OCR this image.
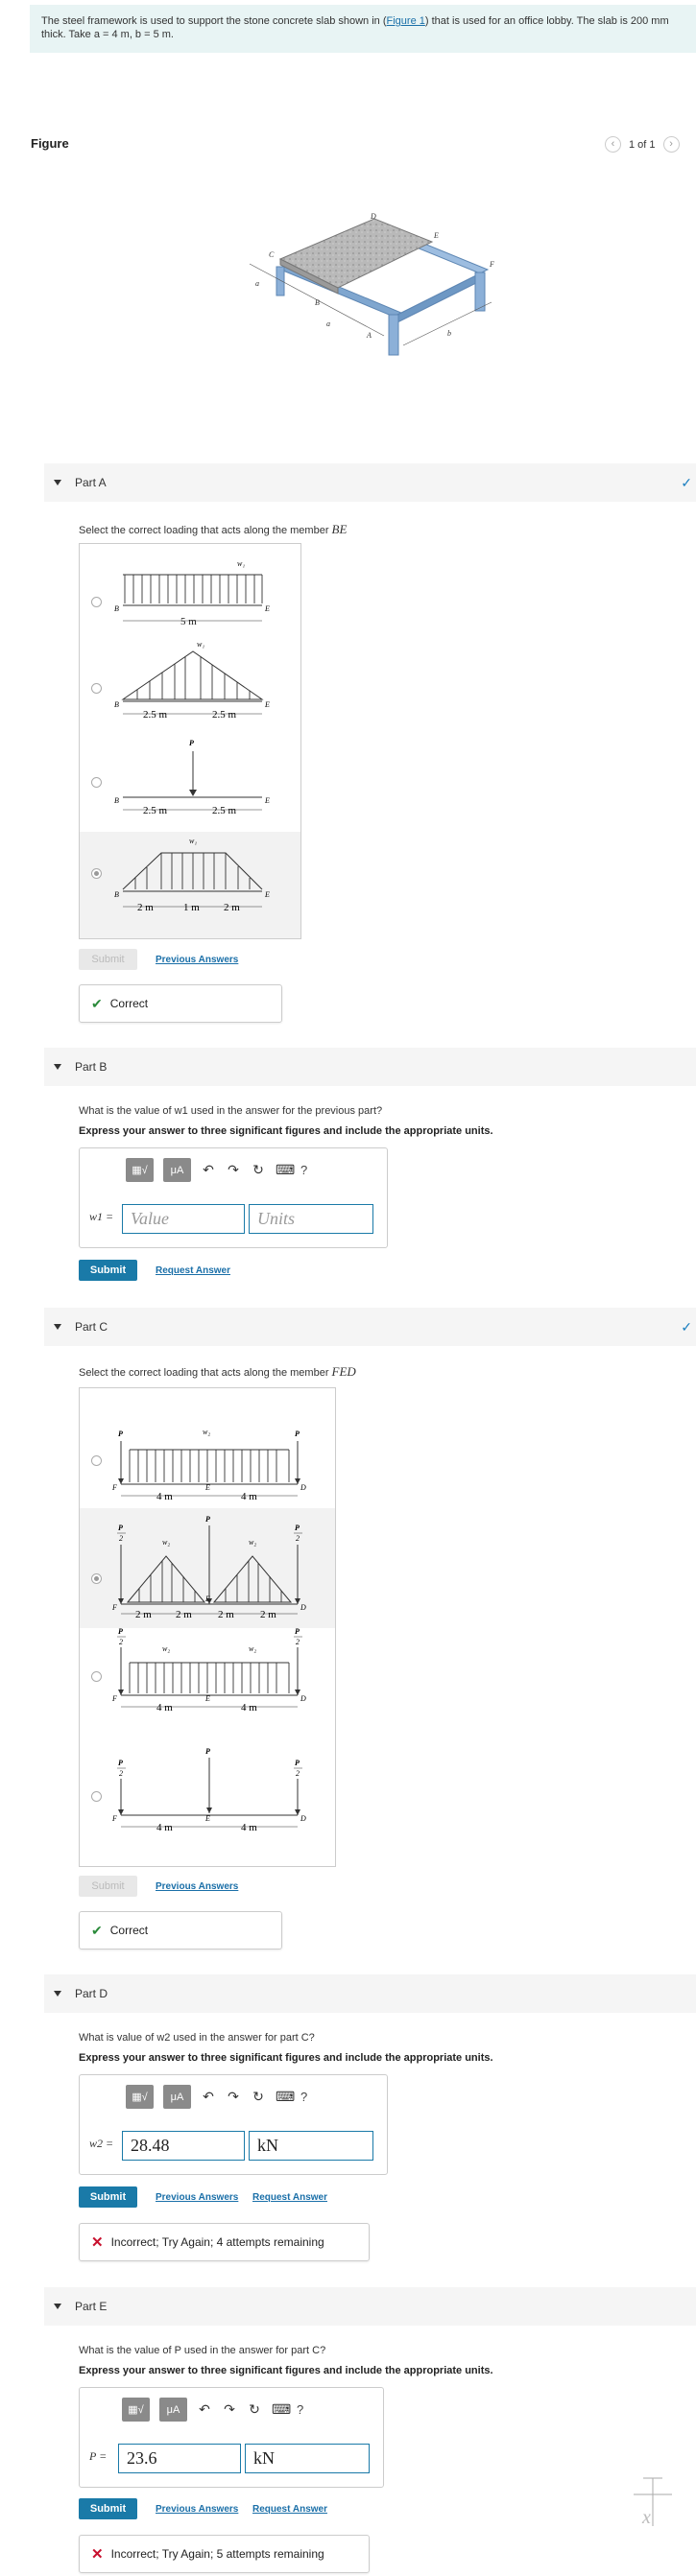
The steel framework is used to support the stone concrete slab shown in (Figure 1) that is used for an office lobby. The slab is 200 mm thick. Take a = 4 m, b = 5 m.
Figure	‹	1 of 1	›
D
C
E
F
B
A
a
a
b
Part A	✓
Select the correct loading that acts along the member BE
w₁
B	E
5 m
w₁
B	E
2.5 m	2.5 m
P
B	E
2.5 m	2.5 m
w₁
B	E
2 m	1 m 2 m
Submit	Previous Answers
✔ Correct
Part B
What is the value of w1 used in the answer for the previous part?
Express your answer to three significant figures and include the appropriate units.
▦√	μA	↶ ↷ ↻ ⌨ ?
w1 = Value	Units
Submit	Request Answer
Part C	✓
Select the correct loading that acts along the member FED
P	P
w₂
F	E	D
4 m	4 m
P
2
P
2
P
w₂	w₂
F
E
D
2 m 2 m 2 m 2 m
P
2
P
2
w₂	w₂
F	E	D
4 m	4 m
P
2
P
2
P
F	E	D
4 m	4 m
Submit	Previous Answers
✔ Correct
Part D
What is value of w2 used in the answer for part C?
Express your answer to three significant figures and include the appropriate units.
▦√	μA	↶ ↷ ↻ ⌨ ?
w2 = 28.48	kN
Submit	Previous Answers Request Answer
✕ Incorrect; Try Again; 4 attempts remaining
Part E
What is the value of P used in the answer for part C?
Express your answer to three significant figures and include the appropriate units.
▦√	μA	↶ ↷ ↻ ⌨ ?
P =	23.6	kN
Submit	Previous Answers Request Answer
✕ Incorrect; Try Again; 5 attempts remaining
x
